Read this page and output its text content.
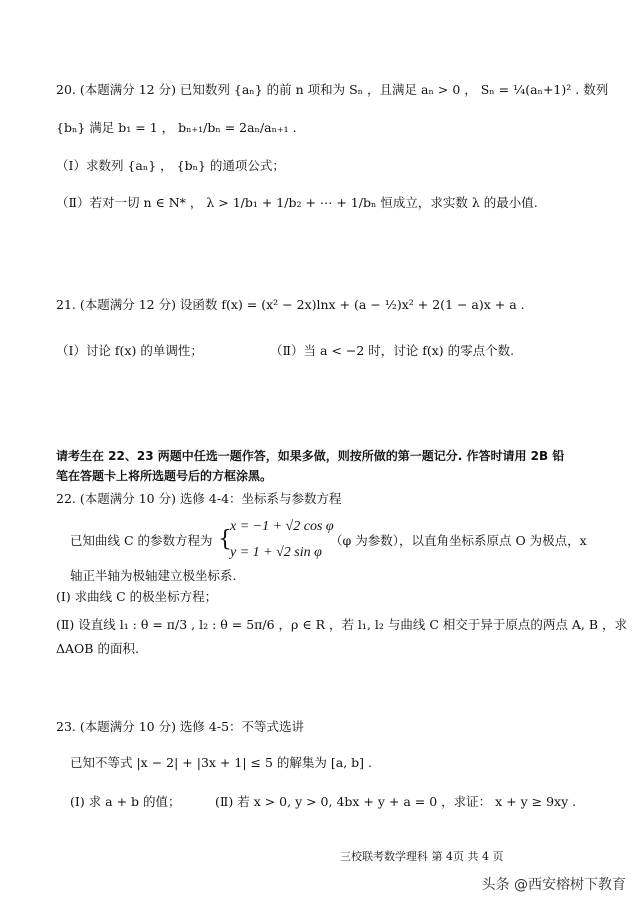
20. (本题满分 12 分) 已知数列 {aₙ} 的前 n 项和为 Sₙ ，且满足 aₙ > 0 ， Sₙ = ¼(aₙ+1)² . 数列
{bₙ} 满足 b₁ = 1 ， bₙ₊₁/bₙ = 2aₙ/aₙ₊₁ .
（Ⅰ）求数列 {aₙ} ， {bₙ} 的通项公式；
（Ⅱ）若对一切 n ∈ N* ， λ > 1/b₁ + 1/b₂ + ⋯ + 1/bₙ 恒成立，求实数 λ 的最小值.
21. (本题满分 12 分) 设函数 f(x) = (x² − 2x)lnx + (a − ½)x² + 2(1 − a)x + a .
（Ⅰ）讨论 f(x) 的单调性；	（Ⅱ）当 a < −2 时，讨论 f(x) 的零点个数.
请考生在 22、23 两题中任选一题作答，如果多做，则按所做的第一题记分. 作答时请用 2B 铅
笔在答题卡上将所选题号后的方框涂黑。
22. (本题满分 10 分) 选修 4-4：坐标系与参数方程
已知曲线 C 的参数方程为 {
x = −1 + √2 cos φ
y = 1 + √2 sin φ
（φ 为参数），以直角坐标系原点 O 为极点，x
轴正半轴为极轴建立极坐标系.
(Ⅰ) 求曲线 C 的极坐标方程；
(Ⅱ) 设直线 l₁ : θ = π/3 , l₂ : θ = 5π/6 ，ρ ∈ R ，若 l₁, l₂ 与曲线 C 相交于异于原点的两点 A, B ，求
ΔAOB 的面积.
23. (本题满分 10 分) 选修 4-5：不等式选讲
已知不等式 |x − 2| + |3x + 1| ≤ 5 的解集为 [a, b] .
(Ⅰ) 求 a + b 的值；	(Ⅱ) 若 x > 0, y > 0, 4bx + y + a = 0 ，求证： x + y ≥ 9xy .
三校联考数学理科 第 4页 共 4 页
头条 @西安榕树下教育
